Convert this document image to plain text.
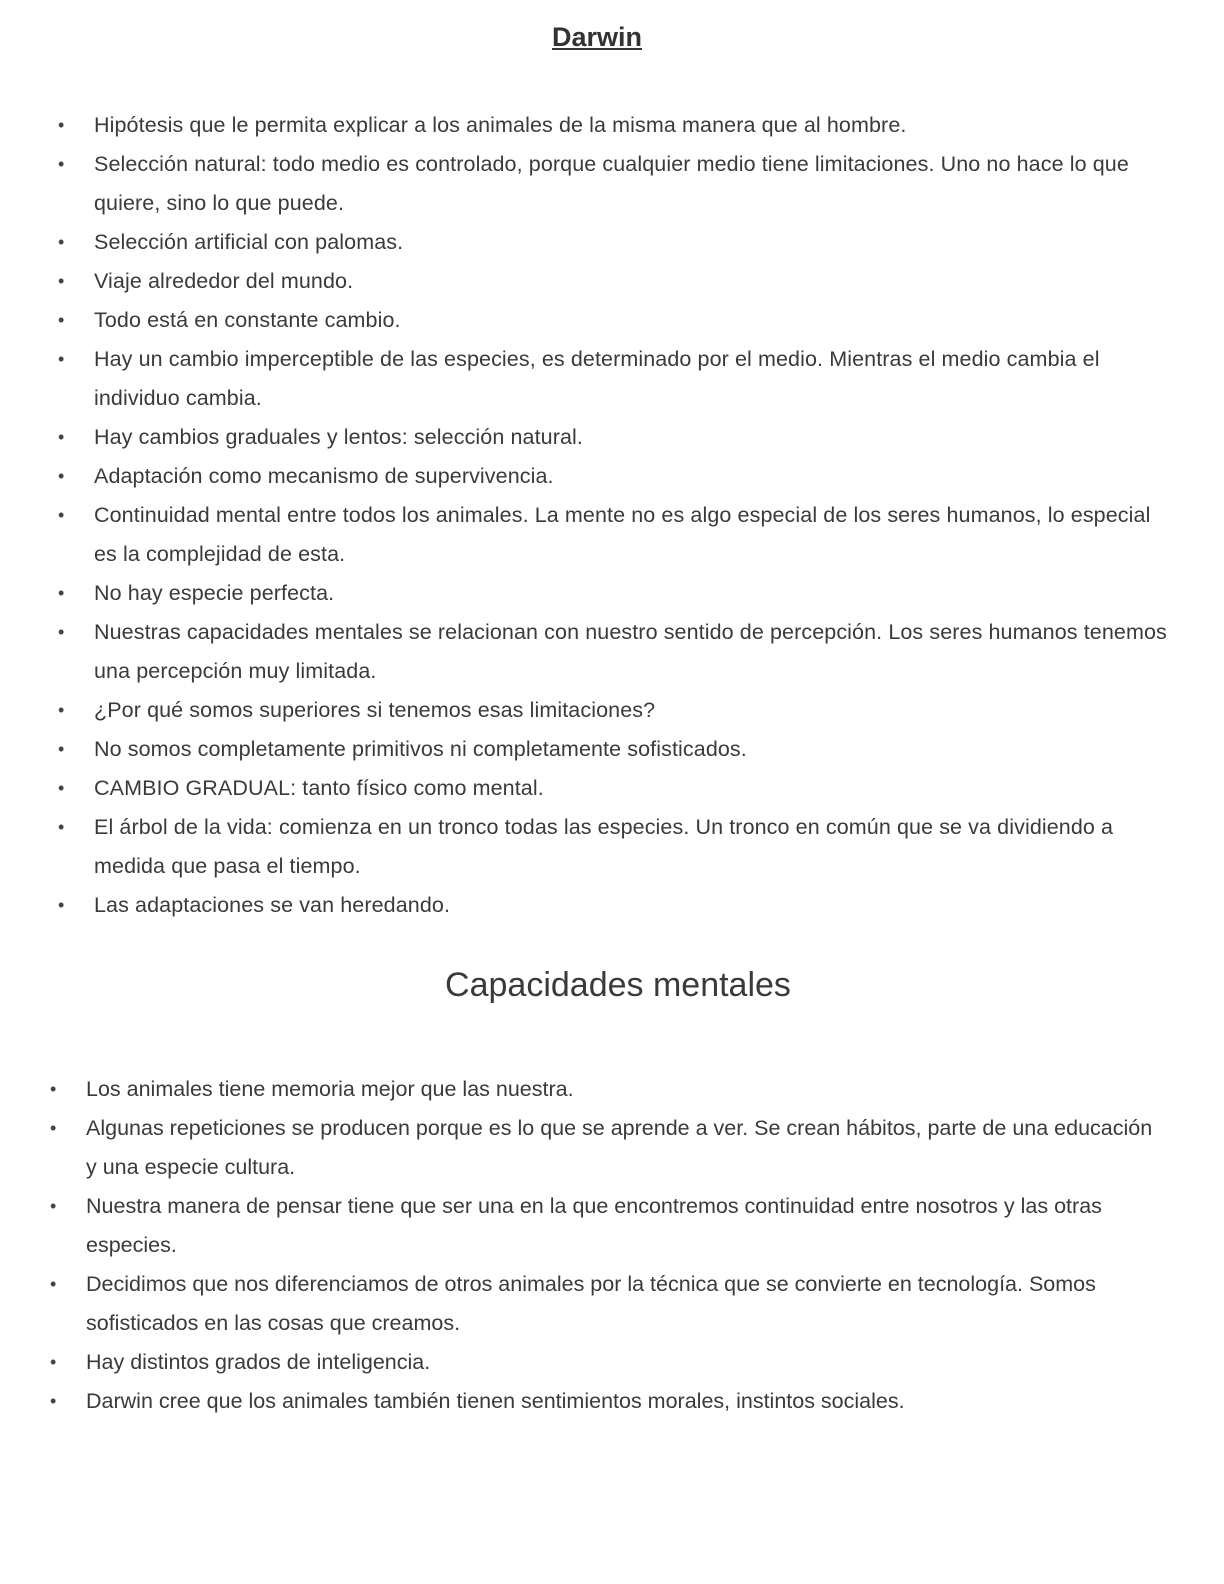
Darwin
•	Hipótesis que le permita explicar a los animales de la misma manera que al hombre.
•	Selección natural: todo medio es controlado, porque cualquier medio tiene limitaciones. Uno no hace lo que quiere, sino lo que puede.
•	Selección artificial con palomas.
•	Viaje alrededor del mundo.
•	Todo está en constante cambio.
•	Hay un cambio imperceptible de las especies, es determinado por el medio. Mientras el medio cambia el individuo cambia.
•	Hay cambios graduales y lentos: selección natural.
•	Adaptación como mecanismo de supervivencia.
•	Continuidad mental entre todos los animales. La mente no es algo especial de los seres humanos, lo especial es la complejidad de esta.
•	No hay especie perfecta.
•	Nuestras capacidades mentales se relacionan con nuestro sentido de percepción. Los seres humanos tenemos una percepción muy limitada.
•	¿Por qué somos superiores si tenemos esas limitaciones?
•	No somos completamente primitivos ni completamente sofisticados.
•	CAMBIO GRADUAL: tanto físico como mental.
•	El árbol de la vida: comienza en un tronco todas las especies. Un tronco en común que se va dividiendo a medida que pasa el tiempo.
•	Las adaptaciones se van heredando.
Capacidades mentales
•	Los animales tiene memoria mejor que las nuestra.
•	Algunas repeticiones se producen porque es lo que se aprende a ver. Se crean hábitos, parte de una educación y una especie cultura.
•	Nuestra manera de pensar tiene que ser una en la que encontremos continuidad entre nosotros y las otras especies.
•	Decidimos que nos diferenciamos de otros animales por la técnica que se convierte en tecnología. Somos sofisticados en las cosas que creamos.
•	Hay distintos grados de inteligencia.
•	Darwin cree que los animales también tienen sentimientos morales, instintos sociales.
